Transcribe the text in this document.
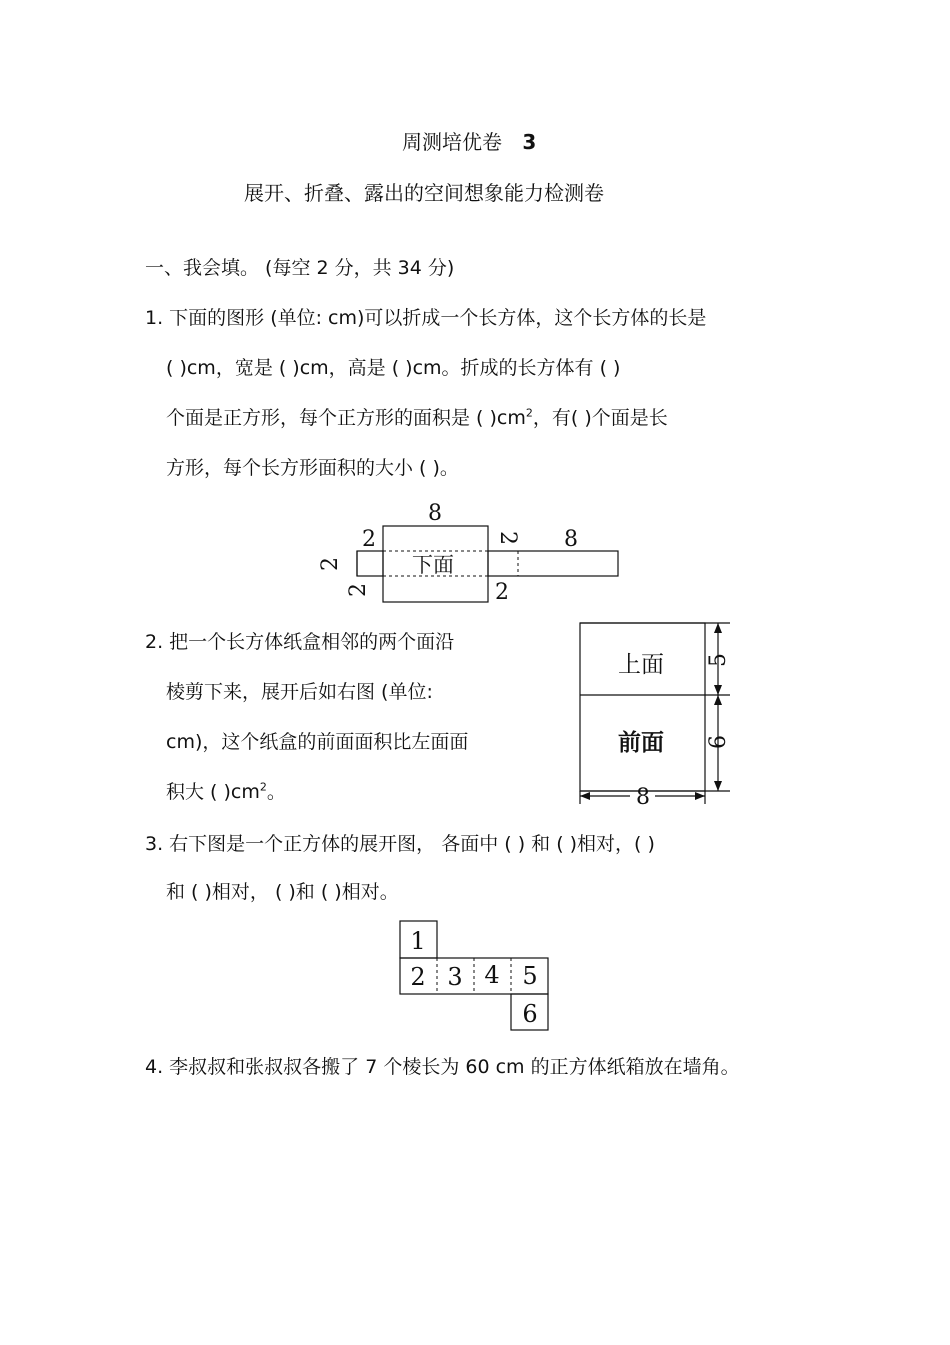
周测培优卷 3
展开、折叠、露出的空间想象能力检测卷
一、我会填。 (每空 2 分，共 34 分)
1. 下面的图形 (单位: cm)可以折成一个长方体，这个长方体的长是
( )cm，宽是 ( )cm，高是 ( )cm。折成的长方体有 ( )
个面是正方形，每个正方形的面积是 ( )$cm^2$，有( )个面是长
方形，每个长方形面积的大小 ( )。
8
2
2
2
2
2
8
下面
2. 把一个长方体纸盒相邻的两个面沿
棱剪下来，展开后如右图 (单位:
cm)，这个纸盒的前面面积比左面面
积大 ( )$cm^2$。
上面
前面
5
6
8
3. 右下图是一个正方体的展开图， 各面中 ( ) 和 ( )相对，( )
和 ( )相对， ( )和 ( )相对。
1
2 3 4 5
6
4. 李叔叔和张叔叔各搬了 7 个棱长为 60 cm 的正方体纸箱放在墙角。
